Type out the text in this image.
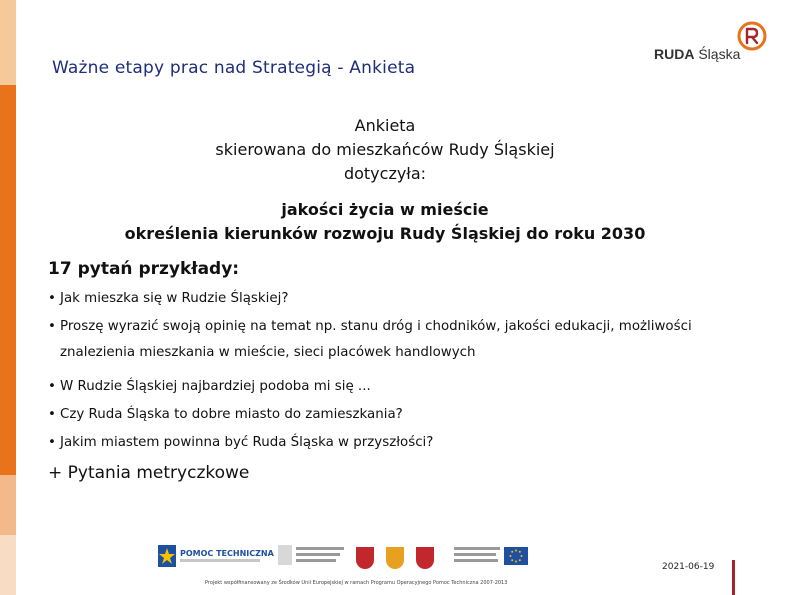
Ważne etapy prac nad Strategią - Ankieta
RUDA Śląska
Ankieta
skierowana do mieszkańców Rudy Śląskiej
dotyczyła:
jakości życia w mieście
określenia kierunków rozwoju Rudy Śląskiej do roku 2030
17 pytań przykłady:
• Jak mieszka się w Rudzie Śląskiej?
• Proszę wyrazić swoją opinię na temat np. stanu dróg i chodników, jakości edukacji, możliwości znalezienia mieszkania w mieście, sieci placówek handlowych
• W Rudzie Śląskiej najbardziej podoba mi się ...
• Czy Ruda Śląska to dobre miasto do zamieszkania?
• Jakim miastem powinna być Ruda Śląska w przyszłości?
+ Pytania metryczkowe
POMOC TECHNICZNA
Projekt współfinansowany ze Środków Unii Europejskiej w ramach Programu Operacyjnego Pomoc Techniczna 2007-2013
2021-06-19
